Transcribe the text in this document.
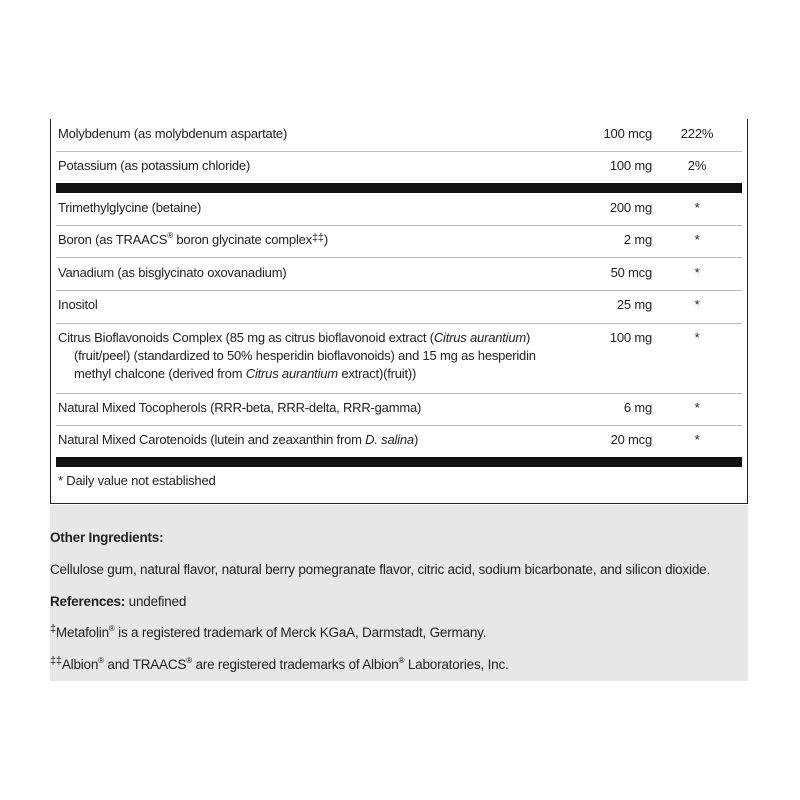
Molybdenum (as molybdenum aspartate)	100 mcg	222%
Potassium (as potassium chloride)	100 mg	2%
Trimethylglycine (betaine)	200 mg	*
Boron (as TRAACS® boron glycinate complex‡‡)	2 mg	*
Vanadium (as bisglycinato oxovanadium)	50 mcg	*
Inositol	25 mg	*
Citrus Bioflavonoids Complex (85 mg as citrus bioflavonoid extract (Citrus aurantium)
(fruit/peel) (standardized to 50% hesperidin bioflavonoids) and 15 mg as hesperidin
methyl chalcone (derived from Citrus aurantium extract)(fruit))
100 mg	*
Natural Mixed Tocopherols (RRR-beta, RRR-delta, RRR-gamma)	6 mg	*
Natural Mixed Carotenoids (lutein and zeaxanthin from D. salina)	20 mcg	*
* Daily value not established
Other Ingredients:
Cellulose gum, natural flavor, natural berry pomegranate flavor, citric acid, sodium bicarbonate, and silicon dioxide.
References: undefined
‡Metafolin® is a registered trademark of Merck KGaA, Darmstadt, Germany.
‡‡Albion® and TRAACS® are registered trademarks of Albion® Laboratories, Inc.
